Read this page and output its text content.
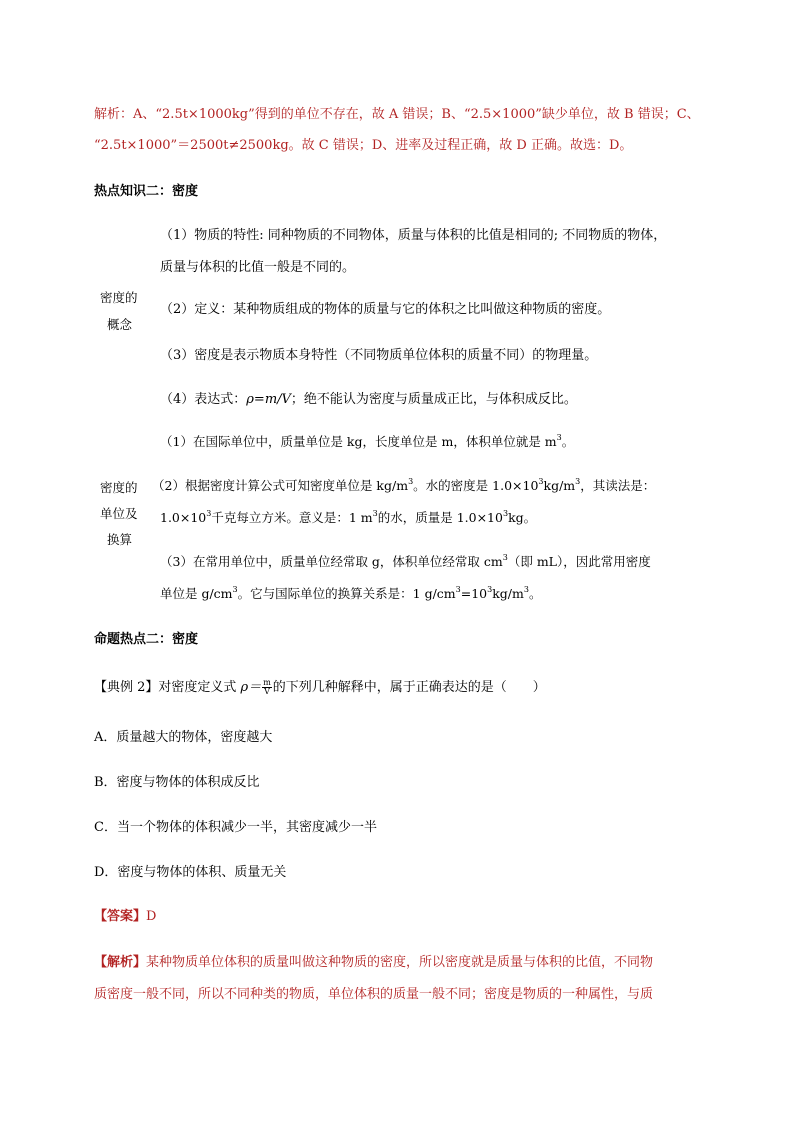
解析：A、“2.5t×1000kg”得到的单位不存在，故 A 错误；B、“2.5×1000”缺少单位，故 B 错误；C、
“2.5t×1000”＝2500t≠2500kg。故 C 错误；D、进率及过程正确，故 D 正确。故选：D。
热点知识二：密度
密度的
概念
（1）物质的特性: 同种物质的不同物体，质量与体积的比值是相同的; 不同物质的物体，
质量与体积的比值一般是不同的。
（2）定义：某种物质组成的物体的质量与它的体积之比叫做这种物质的密度。
（3）密度是表示物质本身特性（不同物质单位体积的质量不同）的物理量。
（4）表达式：ρ=m/V；绝不能认为密度与质量成正比，与体积成反比。
密度的
单位及
换算
（1）在国际单位中，质量单位是 kg，长度单位是 m，体积单位就是 $m^3$。
（2）根据密度计算公式可知密度单位是 $kg/m^3$。水的密度是 $1.0\times 10^3kg/m^3$，其读法是：
$1.0\times 10^3$千克每立方米。意义是：1 $m^3$的水，质量是 $1.0\times 10^3kg$。
（3）在常用单位中，质量单位经常取 g，体积单位经常取 $cm^3$（即 mL），因此常用密度
单位是 $g/cm^3$。它与国际单位的换算关系是：1 $g/cm^3=10^3kg/m^3$。
命题热点二：密度
【典例 2】对密度定义式 $\rho= \frac{m}{V}$ 的下列几种解释中，属于正确表达的是（　　）
A．质量越大的物体，密度越大
B．密度与物体的体积成反比
C．当一个物体的体积减少一半，其密度减少一半
D．密度与物体的体积、质量无关
【答案】D
【解析】某种物质单位体积的质量叫做这种物质的密度，所以密度就是质量与体积的比值，不同物
质密度一般不同，所以不同种类的物质，单位体积的质量一般不同；密度是物质的一种属性，与质
